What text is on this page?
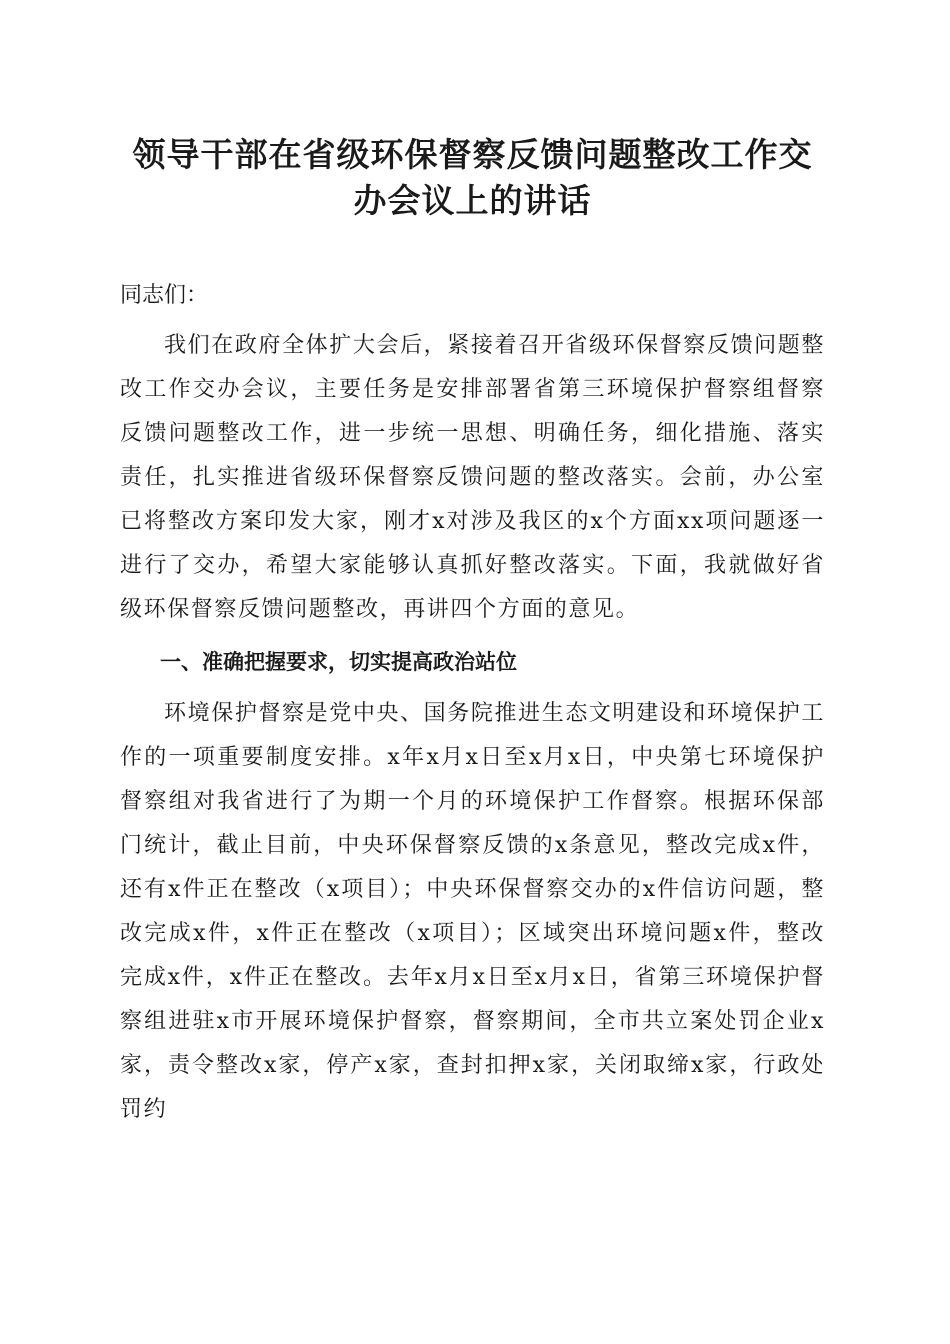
领导干部在省级环保督察反馈问题整改工作交办会议上的讲话

同志们：

我们在政府全体扩大会后，紧接着召开省级环保督察反馈问题整改工作交办会议，主要任务是安排部署省第三环境保护督察组督察反馈问题整改工作，进一步统一思想、明确任务，细化措施、落实责任，扎实推进省级环保督察反馈问题的整改落实。会前，办公室已将整改方案印发大家，刚才x对涉及我区的x个方面xx项问题逐一进行了交办，希望大家能够认真抓好整改落实。下面，我就做好省级环保督察反馈问题整改，再讲四个方面的意见。

一、准确把握要求，切实提高政治站位

环境保护督察是党中央、国务院推进生态文明建设和环境保护工作的一项重要制度安排。x年x月x日至x月x日，中央第七环境保护督察组对我省进行了为期一个月的环境保护工作督察。根据环保部门统计，截止目前，中央环保督察反馈的x条意见，整改完成x件，还有x件正在整改（x项目）；中央环保督察交办的x件信访问题，整改完成x件，x件正在整改（x项目）；区域突出环境问题x件，整改完成x件，x件正在整改。去年x月x日至x月x日，省第三环境保护督察组进驻x市开展环境保护督察，督察期间，全市共立案处罚企业x家，责令整改x家，停产x家，查封扣押x家，关闭取缔x家，行政处罚约
